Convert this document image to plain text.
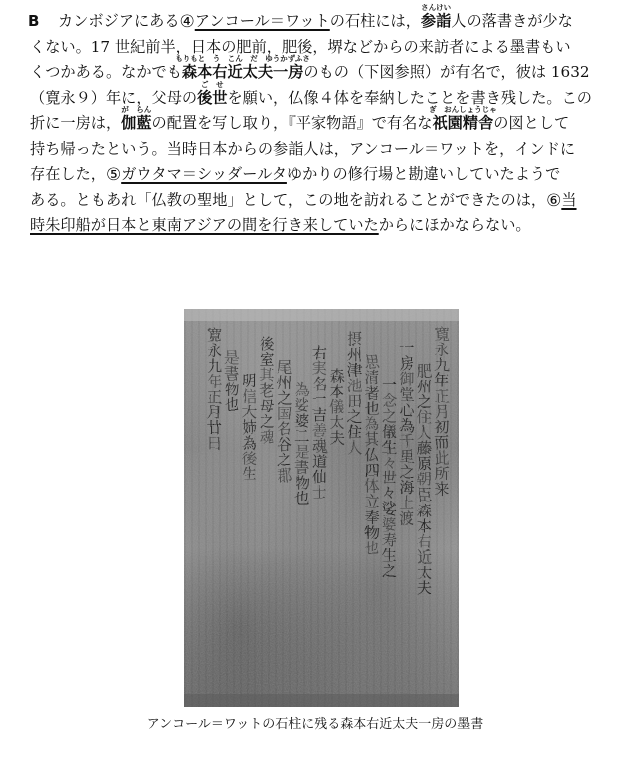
B カンボジアにある④アンコール＝ワットの石柱には，参詣
さんけい
人の落書きが少な
くない。17 世紀前半，日本の肥前，肥後，堺などからの来訪者による墨書もい
くつかある。なかでも森本右近太夫一房
もりもと　う　こん　だ　ゆうかずふさ
のもの（下図参照）が有名で，彼は 1632
（寛永９）年に，父母の後世
ご　せ
を願い，仏像４体を奉納したことを書き残した。この
折に一房は，伽藍
が　らん
の配置を写し取り，『平家物語』で有名な祇園精舎
ぎ　おんしょうじゃ
の図として
持ち帰ったという。当時日本からの参詣人は，アンコール＝ワットを，インドに
存在した，⑤ガウタマ＝シッダールタゆかりの修行場と勘違いしていたようで
ある。ともあれ「仏教の聖地」として，この地を訪れることができたのは，⑥当
時朱印船が日本と東南アジアの間を行き来していたからにほかならない。
寛
永
九
年
正
月
初
而
此
所
来
肥
州
之
住
人
藤
原
朝
臣
森
本
右
近
太
夫
一
房
御
堂
心
為
千
里
之
海
上
渡
一
念
之
儀
生
々
世
々
娑
婆
寿
生
之
思
清
者
也
為
其
仏
四
体
立
奉
物
也
摂
州
津
池
田
之
住
人
森
本
儀
太
夫
右
実
名
一
吉
善
魂
道
仙
士
為
娑
婆
二
是
書
物
也
尾
州
之
国
名
谷
之
郡
後
室
其
老
母
之
魂
明
信
大
姉
為
後
生
是
書
物
也
寛
永
九
年
正
月
廿
日
アンコール＝ワットの石柱に残る森本右近太夫一房の墨書
